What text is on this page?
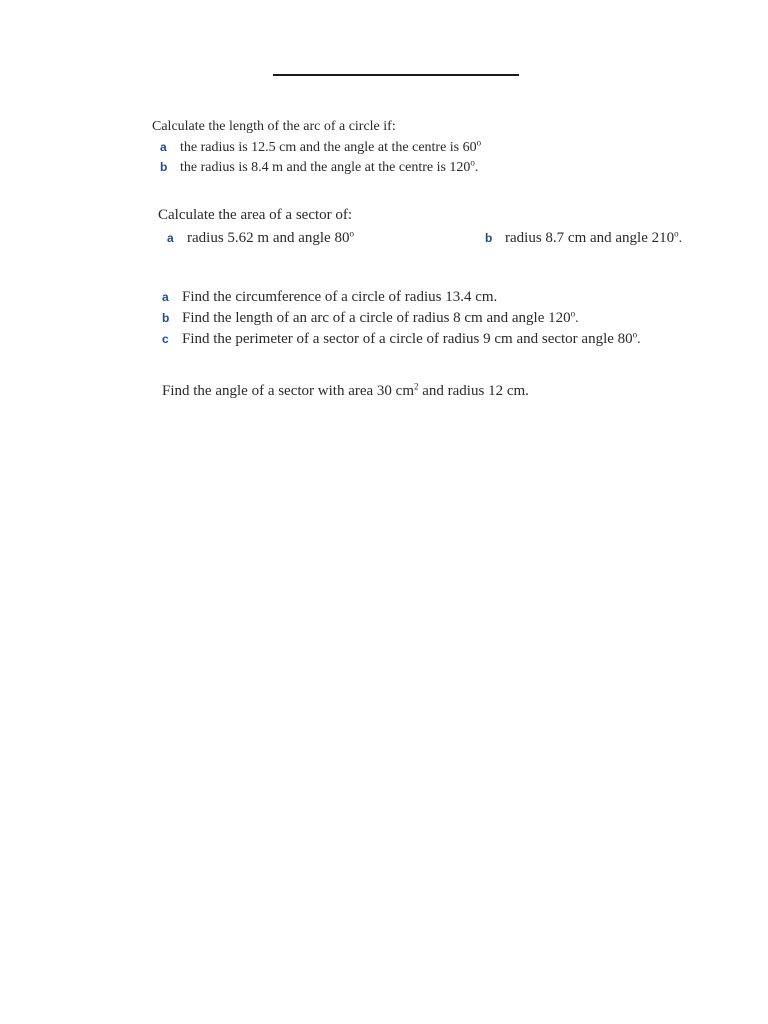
Calculate the length of the arc of a circle if:
a the radius is 12.5 cm and the angle at the centre is 60$^o$
b the radius is 8.4 m and the angle at the centre is 120$^o$.
Calculate the area of a sector of:
a radius 5.62 m and angle 80$^o$	b radius 8.7 cm and angle 210$^o$.
a Find the circumference of a circle of radius 13.4 cm.
b Find the length of an arc of a circle of radius 8 cm and angle 120$^o$.
c Find the perimeter of a sector of a circle of radius 9 cm and sector angle 80$^o$.
Find the angle of a sector with area 30 $cm^2$ and radius 12 cm.
